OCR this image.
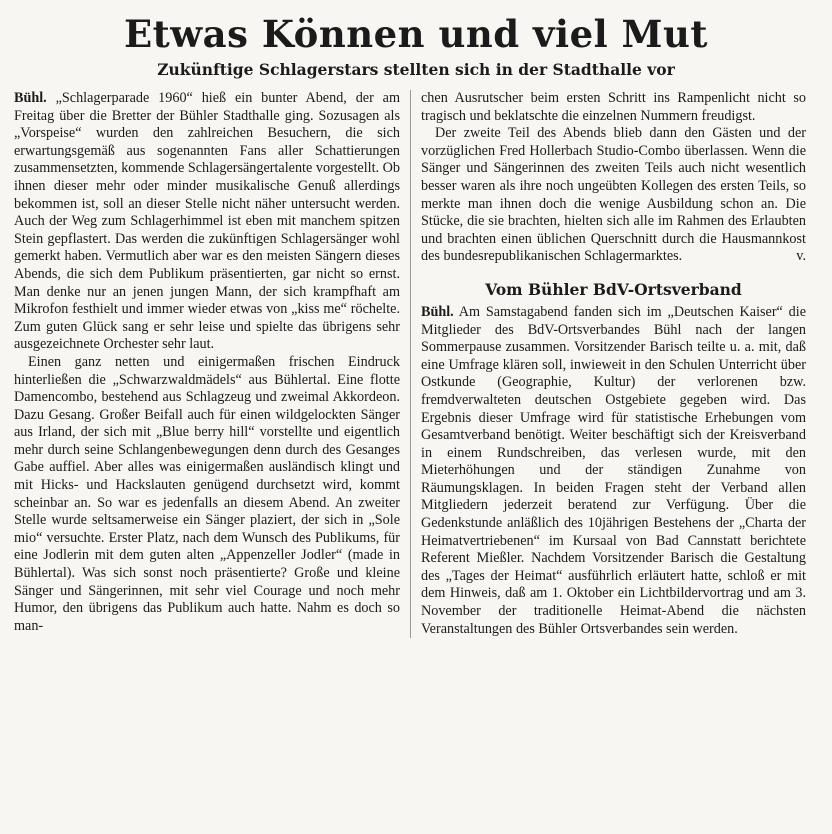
Etwas Können und viel Mut
Zukünftige Schlagerstars stellten sich in der Stadthalle vor

Bühl. „Schlagerparade 1960“ hieß ein bunter Abend, der am Freitag über die Bretter der Bühler Stadthalle ging. Sozusagen als „Vorspeise“ wurden den zahlreichen Besuchern, die sich erwartungsgemäß aus sogenannten Fans aller Schattierungen zusammensetzten, kommende Schlagersängertalente vorgestellt. Ob ihnen dieser mehr oder minder musikalische Genuß allerdings bekommen ist, soll an dieser Stelle nicht näher untersucht werden. Auch der Weg zum Schlagerhimmel ist eben mit manchem spitzen Stein gepflastert. Das werden die zukünftigen Schlagersänger wohl gemerkt haben. Vermutlich aber war es den meisten Sängern dieses Abends, die sich dem Publikum präsentierten, gar nicht so ernst. Man denke nur an jenen jungen Mann, der sich krampfhaft am Mikrofon festhielt und immer wieder etwas von „kiss me“ röchelte. Zum guten Glück sang er sehr leise und spielte das übrigens sehr ausgezeichnete Orchester sehr laut.

Einen ganz netten und einigermaßen frischen Eindruck hinterließen die „Schwarzwaldmädels“ aus Bühlertal. Eine flotte Damencombo, bestehend aus Schlagzeug und zweimal Akkordeon. Dazu Gesang. Großer Beifall auch für einen wildgelockten Sänger aus Irland, der sich mit „Blue berry hill“ vorstellte und eigentlich mehr durch seine Schlangenbewegungen denn durch des Gesanges Gabe auffiel. Aber alles was einigermaßen ausländisch klingt und mit Hicks- und Hackslauten genügend durchsetzt wird, kommt scheinbar an. So war es jedenfalls an diesem Abend. An zweiter Stelle wurde seltsamerweise ein Sänger plaziert, der sich in „Sole mio“ versuchte. Erster Platz, nach dem Wunsch des Publikums, für eine Jodlerin mit dem guten alten „Appenzeller Jodler“ (made in Bühlertal). Was sich sonst noch präsentierte? Große und kleine Sänger und Sängerinnen, mit sehr viel Courage und noch mehr Humor, den übrigens das Publikum auch hatte. Nahm es doch so man-

chen Ausrutscher beim ersten Schritt ins Rampenlicht nicht so tragisch und beklatschte die einzelnen Nummern freudigst.

Der zweite Teil des Abends blieb dann den Gästen und der vorzüglichen Fred Hollerbach Studio-Combo überlassen. Wenn die Sänger und Sängerinnen des zweiten Teils auch nicht wesentlich besser waren als ihre noch ungeübten Kollegen des ersten Teils, so merkte man ihnen doch die wenige Ausbildung schon an. Die Stücke, die sie brachten, hielten sich alle im Rahmen des Erlaubten und brachten einen üblichen Querschnitt durch die Hausmannkost des bundesrepublikanischen Schlagermarktes.	v.

Vom Bühler BdV-Ortsverband

Bühl. Am Samstagabend fanden sich im „Deutschen Kaiser“ die Mitglieder des BdV-Ortsverbandes Bühl nach der langen Sommerpause zusammen. Vorsitzender Barisch teilte u. a. mit, daß eine Umfrage klären soll, inwieweit in den Schulen Unterricht über Ostkunde (Geographie, Kultur) der verlorenen bzw. fremdverwalteten deutschen Ostgebiete gegeben wird. Das Ergebnis dieser Umfrage wird für statistische Erhebungen vom Gesamtverband benötigt. Weiter beschäftigt sich der Kreisverband in einem Rundschreiben, das verlesen wurde, mit den Mieterhöhungen und der ständigen Zunahme von Räumungsklagen. In beiden Fragen steht der Verband allen Mitgliedern jederzeit beratend zur Verfügung. Über die Gedenkstunde anläßlich des 10jährigen Bestehens der „Charta der Heimatvertriebenen“ im Kursaal von Bad Cannstatt berichtete Referent Mießler. Nachdem Vorsitzender Barisch die Gestaltung des „Tages der Heimat“ ausführlich erläutert hatte, schloß er mit dem Hinweis, daß am 1. Oktober ein Lichtbildervortrag und am 3. November der traditionelle Heimat-Abend die nächsten Veranstaltungen des Bühler Ortsverbandes sein werden.
